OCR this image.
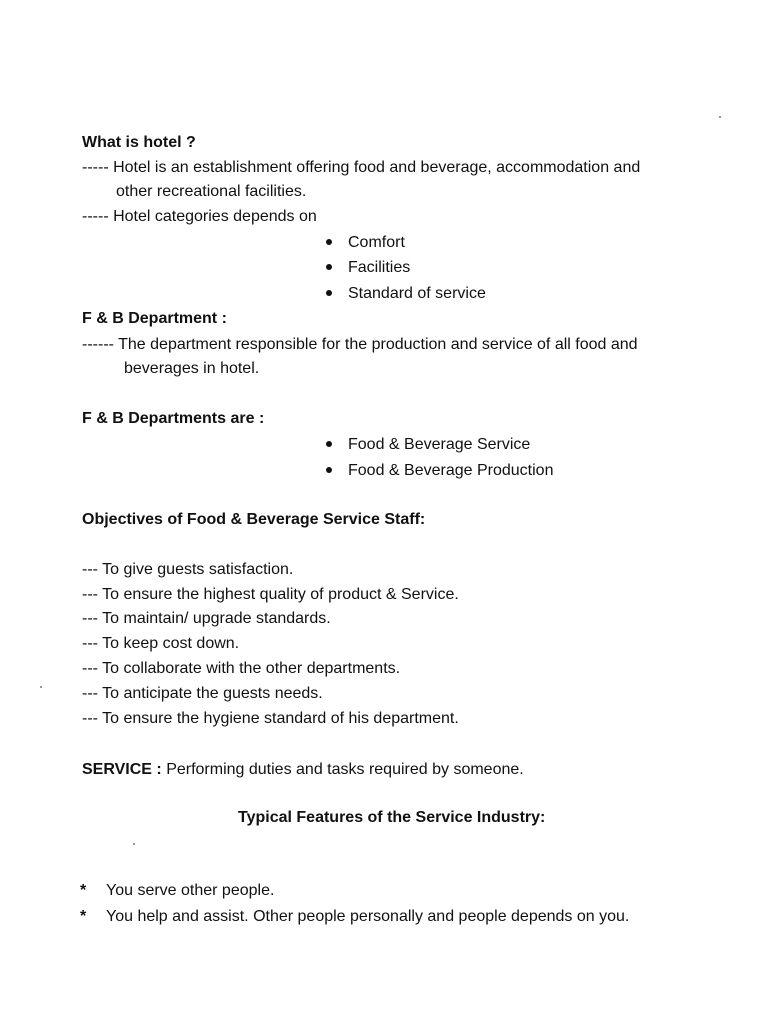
What is hotel ?
----- Hotel is an establishment offering food and beverage, accommodation and
other recreational facilities.
----- Hotel categories depends on
Comfort
Facilities
Standard of service
F & B Department :
------ The department responsible for the production and service of all food and
beverages in hotel.
F & B Departments are :
Food & Beverage Service
Food & Beverage Production
Objectives of Food & Beverage Service Staff:
--- To give guests satisfaction.
--- To ensure the highest quality of product & Service.
--- To maintain/ upgrade standards.
--- To keep cost down.
--- To collaborate with the other departments.
--- To anticipate the guests needs.
--- To ensure the hygiene standard of his department.
SERVICE : Performing duties and tasks required by someone.
Typical Features of the Service Industry:
* You serve other people.
* You help and assist. Other people personally and people depends on you.
